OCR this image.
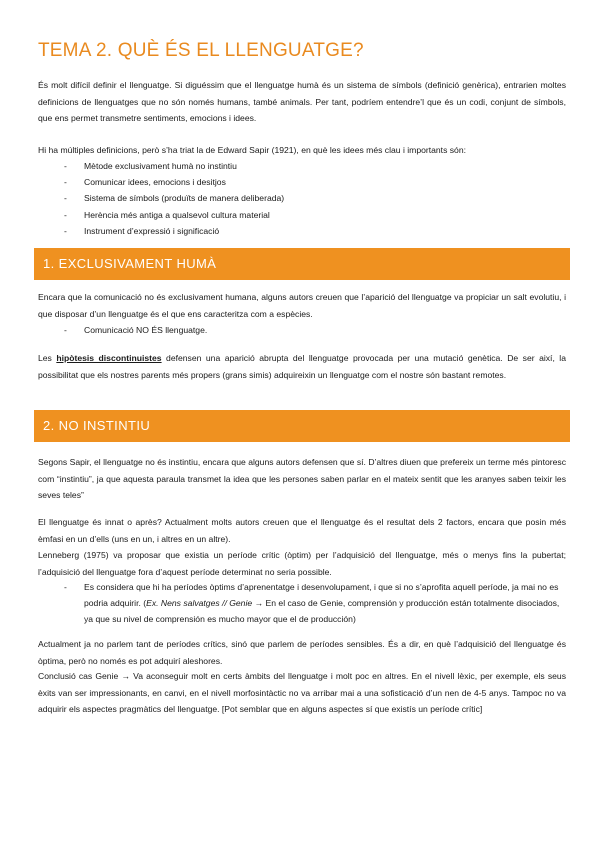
TEMA 2. QUÈ ÉS EL LLENGUATGE?

És molt difícil definir el llenguatge. Si diguéssim que el llenguatge humà és un sistema de símbols (definició genèrica), entrarien moltes definicions de llenguatges que no són només humans, també animals. Per tant, podríem entendre’l que és un codi, conjunt de símbols, que ens permet transmetre sentiments, emocions i idees.

Hi ha múltiples definicions, però s’ha triat la de Edward Sapir (1921), en què les idees més clau i importants són:

- Mètode exclusivament humà no instintiu
- Comunicar idees, emocions i desitjos
- Sistema de símbols (produïts de manera deliberada)
- Herència més antiga a qualsevol cultura material
- Instrument d’expressió i significació
1. EXCLUSIVAMENT HUMÀ

Encara que la comunicació no és exclusivament humana, alguns autors creuen que l’aparició del llenguatge va propiciar un salt evolutiu, i que disposar d’un llenguatge és el que ens caracteritza com a espècies.

- Comunicació NO ÉS llenguatge.

Les hipòtesis discontinuistes defensen una aparició abrupta del llenguatge provocada per una mutació genètica. De ser així, la possibilitat que els nostres parents més propers (grans simis) adquireixin un llenguatge com el nostre són bastant remotes.

2. NO INSTINTIU

Segons Sapir, el llenguatge no és instintiu, encara que alguns autors defensen que sí. D’altres diuen que prefereix un terme més pintoresc com “instintiu”, ja que aquesta paraula transmet la idea que les persones saben parlar en el mateix sentit que les aranyes saben teixir les seves teles”

El llenguatge és innat o après? Actualment molts autors creuen que el llenguatge és el resultat dels 2 factors, encara que posin més èmfasi en un d’ells (uns en un, i altres en un altre).

Lenneberg (1975) va proposar que existia un període crític (òptim) per l’adquisició del llenguatge, més o menys fins la pubertat; l’adquisició del llenguatge fora d’aquest període determinat no seria possible.

- Es considera que hi ha períodes òptims d’aprenentatge i desenvolupament, i que si no s’aprofita aquell període, ja mai no es podria adquirir. (Ex. Nens salvatges // Genie → En el caso de Genie, comprensión y producción están totalmente disociados, ya que su nivel de comprensión es mucho mayor que el de producción)

Actualment ja no parlem tant de períodes crítics, sinó que parlem de períodes sensibles. És a dir, en què l’adquisició del llenguatge és òptima, però no només es pot adquirí aleshores.

Conclusió cas Genie → Va aconseguir molt en certs àmbits del llenguatge i molt poc en altres. En el nivell lèxic, per exemple, els seus èxits van ser impressionants, en canvi, en el nivell morfosintàctic no va arribar mai a una sofisticació d’un nen de 4-5 anys. Tampoc no va adquirir els aspectes pragmàtics del llenguatge. [Pot semblar que en alguns aspectes sí que existís un període crític]
